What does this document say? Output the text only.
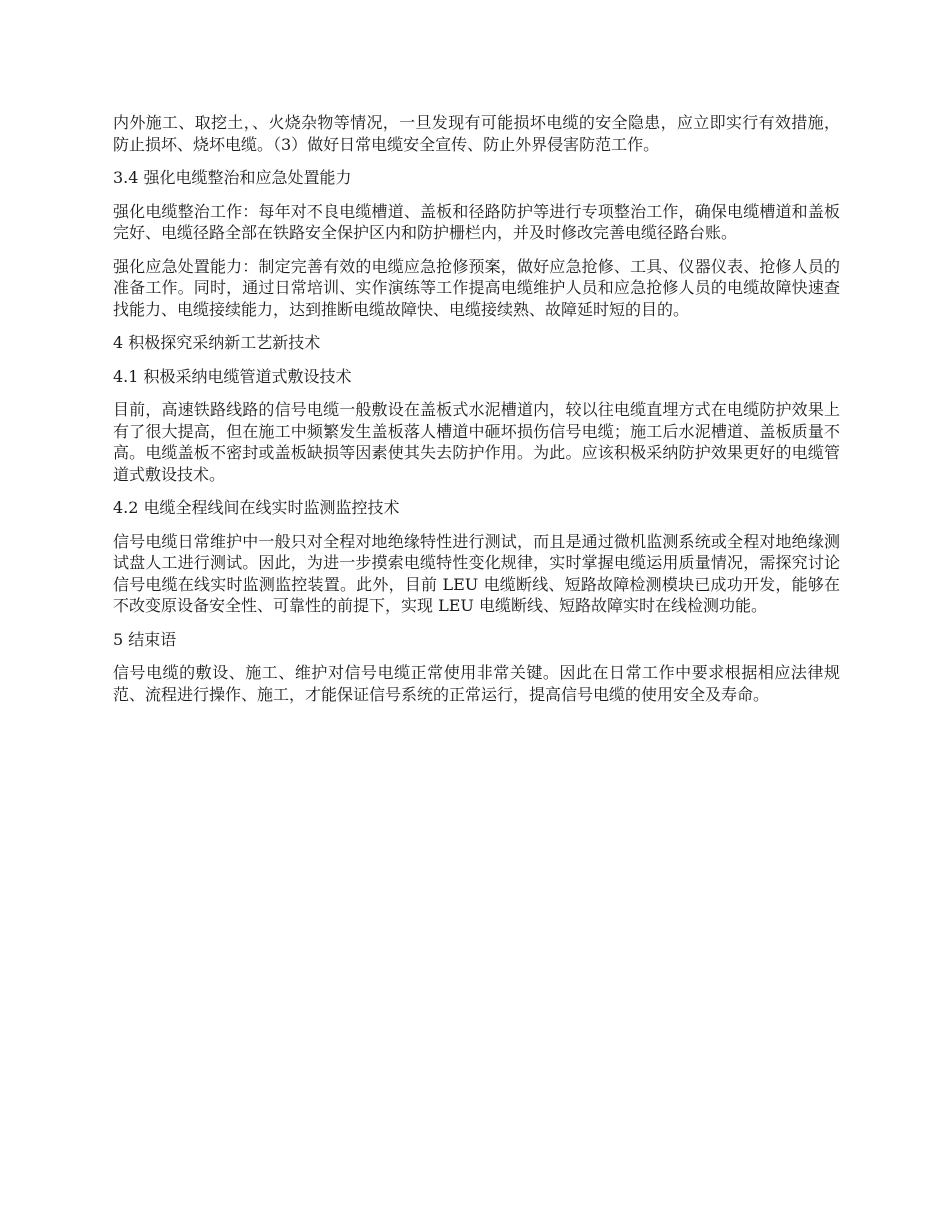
内外施工、取挖土，、火烧杂物等情况，一旦发现有可能损坏电缆的安全隐患，应立即实行有效措施，防止损坏、烧坏电缆。（3）做好日常电缆安全宣传、防止外界侵害防范工作。

3.4 强化电缆整治和应急处置能力

强化电缆整治工作：每年对不良电缆槽道、盖板和径路防护等进行专项整治工作，确保电缆槽道和盖板完好、电缆径路全部在铁路安全保护区内和防护栅栏内，并及时修改完善电缆径路台账。

强化应急处置能力：制定完善有效的电缆应急抢修预案，做好应急抢修、工具、仪器仪表、抢修人员的准备工作。同时，通过日常培训、实作演练等工作提高电缆维护人员和应急抢修人员的电缆故障快速查找能力、电缆接续能力，达到推断电缆故障快、电缆接续熟、故障延时短的目的。

4 积极探究采纳新工艺新技术
4.1 积极采纳电缆管道式敷设技术

目前，高速铁路线路的信号电缆一般敷设在盖板式水泥槽道内，较以往电缆直埋方式在电缆防护效果上有了很大提高，但在施工中频繁发生盖板落人槽道中砸坏损伤信号电缆；施工后水泥槽道、盖板质量不高。电缆盖板不密封或盖板缺损等因素使其失去防护作用。为此。应该积极采纳防护效果更好的电缆管道式敷设技术。

4.2 电缆全程线间在线实时监测监控技术

信号电缆日常维护中一般只对全程对地绝缘特性进行测试，而且是通过微机监测系统或全程对地绝缘测试盘人工进行测试。因此，为进一步摸索电缆特性变化规律，实时掌握电缆运用质量情况，需探究讨论信号电缆在线实时监测监控装置。此外，目前 LEU 电缆断线、短路故障检测模块已成功开发，能够在不改变原设备安全性、可靠性的前提下，实现 LEU 电缆断线、短路故障实时在线检测功能。

5 结束语

信号电缆的敷设、施工、维护对信号电缆正常使用非常关键。因此在日常工作中要求根据相应法律规范、流程进行操作、施工，才能保证信号系统的正常运行，提高信号电缆的使用安全及寿命。
